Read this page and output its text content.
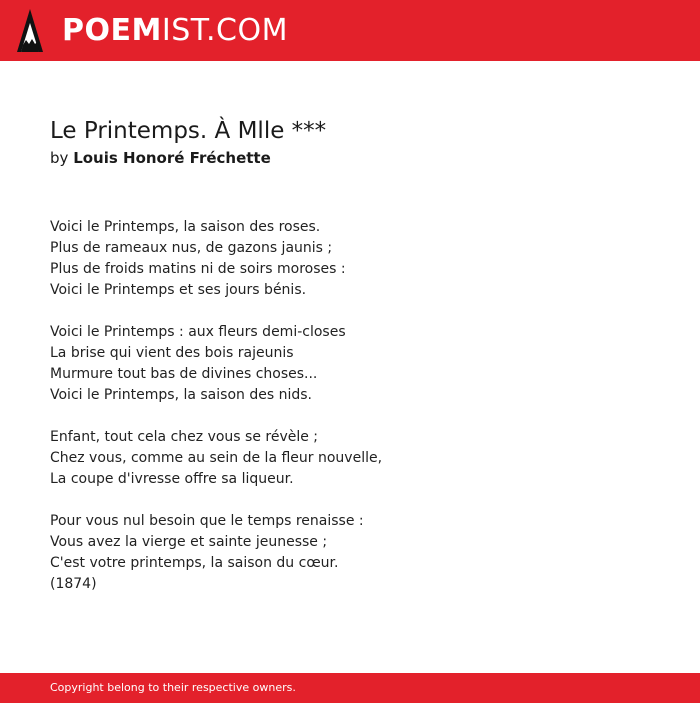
POEMIST.COM
Le Printemps. À Mlle ***
by Louis Honoré Fréchette
Voici le Printemps, la saison des roses.
Plus de rameaux nus, de gazons jaunis ;
Plus de froids matins ni de soirs moroses :
Voici le Printemps et ses jours bénis.
Voici le Printemps : aux fleurs demi-closes
La brise qui vient des bois rajeunis
Murmure tout bas de divines choses...
Voici le Printemps, la saison des nids.
Enfant, tout cela chez vous se révèle ;
Chez vous, comme au sein de la fleur nouvelle,
La coupe d'ivresse offre sa liqueur.
Pour vous nul besoin que le temps renaisse :
Vous avez la vierge et sainte jeunesse ;
C'est votre printemps, la saison du cœur.
(1874)
Copyright belong to their respective owners.
